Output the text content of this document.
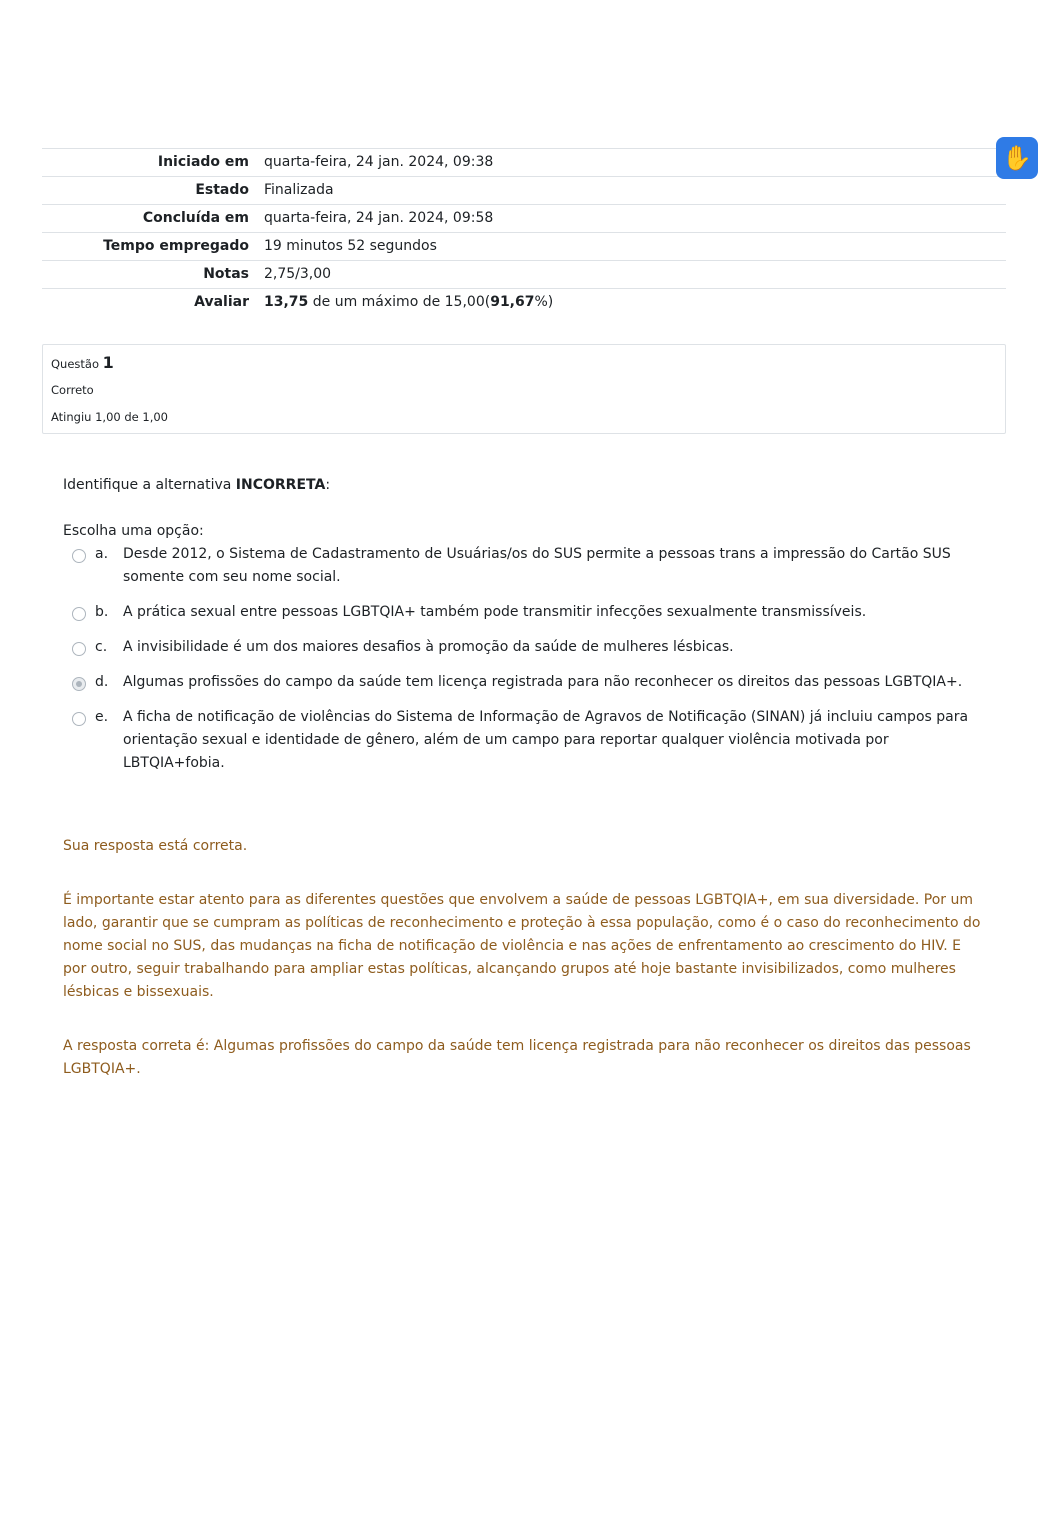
Iniciado em	quarta-feira, 24 jan. 2024, 09:38
Estado	Finalizada
Concluída em	quarta-feira, 24 jan. 2024, 09:58
Tempo empregado	19 minutos 52 segundos
Notas	2,75/3,00
Avaliar	13,75 de um máximo de 15,00(91,67%)
✋
Questão 1
Correto
Atingiu 1,00 de 1,00

Identifique a alternativa INCORRETA:

Escolha uma opção:
a.	Desde 2012, o Sistema de Cadastramento de Usuárias/os do SUS permite a pessoas trans a impressão do Cartão SUS somente com seu nome social.
b.	A prática sexual entre pessoas LGBTQIA+ também pode transmitir infecções sexualmente transmissíveis.
c.	A invisibilidade é um dos maiores desafios à promoção da saúde de mulheres lésbicas.
d.	Algumas profissões do campo da saúde tem licença registrada para não reconhecer os direitos das pessoas LGBTQIA+.
e.	A ficha de notificação de violências do Sistema de Informação de Agravos de Notificação (SINAN) já incluiu campos para orientação sexual e identidade de gênero, além de um campo para reportar qualquer violência motivada por LBTQIA+fobia.

Sua resposta está correta.

É importante estar atento para as diferentes questões que envolvem a saúde de pessoas LGBTQIA+, em sua diversidade. Por um lado, garantir que se cumpram as políticas de reconhecimento e proteção à essa população, como é o caso do reconhecimento do nome social no SUS, das mudanças na ficha de notificação de violência e nas ações de enfrentamento ao crescimento do HIV. E por outro, seguir trabalhando para ampliar estas políticas, alcançando grupos até hoje bastante invisibilizados, como mulheres lésbicas e bissexuais.

A resposta correta é: Algumas profissões do campo da saúde tem licença registrada para não reconhecer os direitos das pessoas LGBTQIA+.
